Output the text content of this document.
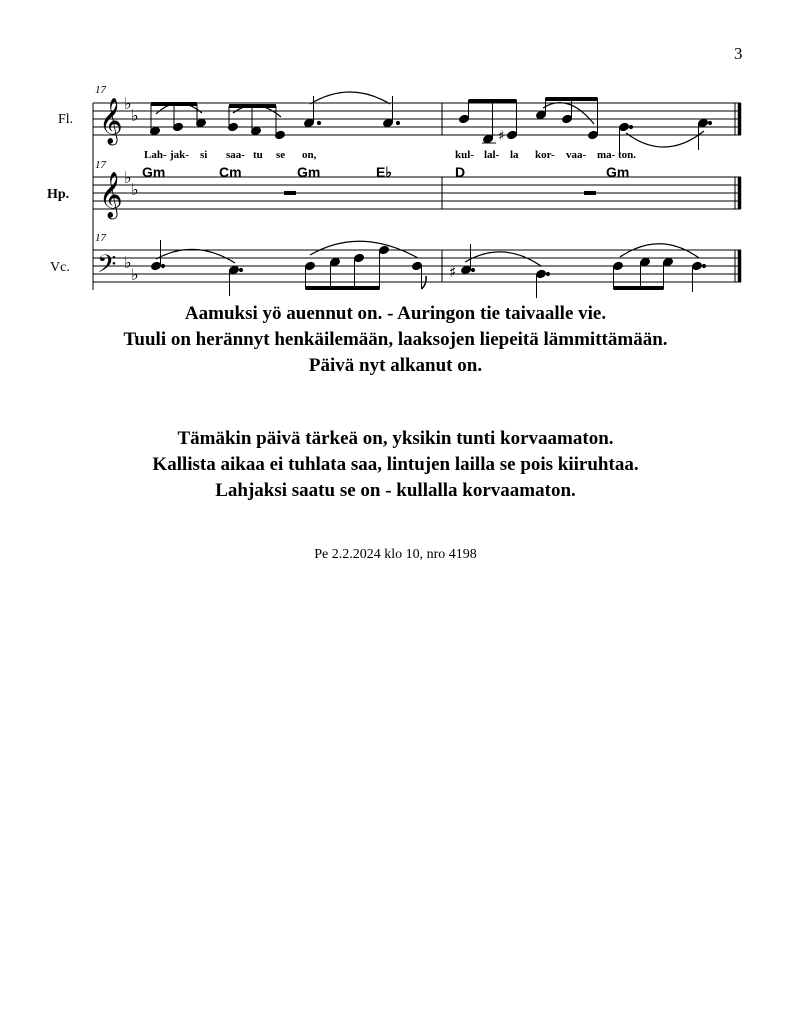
3
17
Fl. 𝄞 ♭
♭
♯
Lah- jak- si saa- tu se on,	kul- lal- la kor- vaa- ma- ton.
17
Hp. 𝄞 ♭
♭
Gm	Cm	Gm	E♭	D	Gm
17
Vc. 𝄢 ♭
♭	♯

Aamuksi yö auennut on. - Auringon tie taivaalle vie.

Tuuli on herännyt henkäilemään, laaksojen liepeitä lämmittämään.

Päivä nyt alkanut on.

Tämäkin päivä tärkeä on, yksikin tunti korvaamaton.

Kallista aikaa ei tuhlata saa, lintujen lailla se pois kiiruhtaa.

Lahjaksi saatu se on - kullalla korvaamaton.

Pe 2.2.2024 klo 10, nro 4198
